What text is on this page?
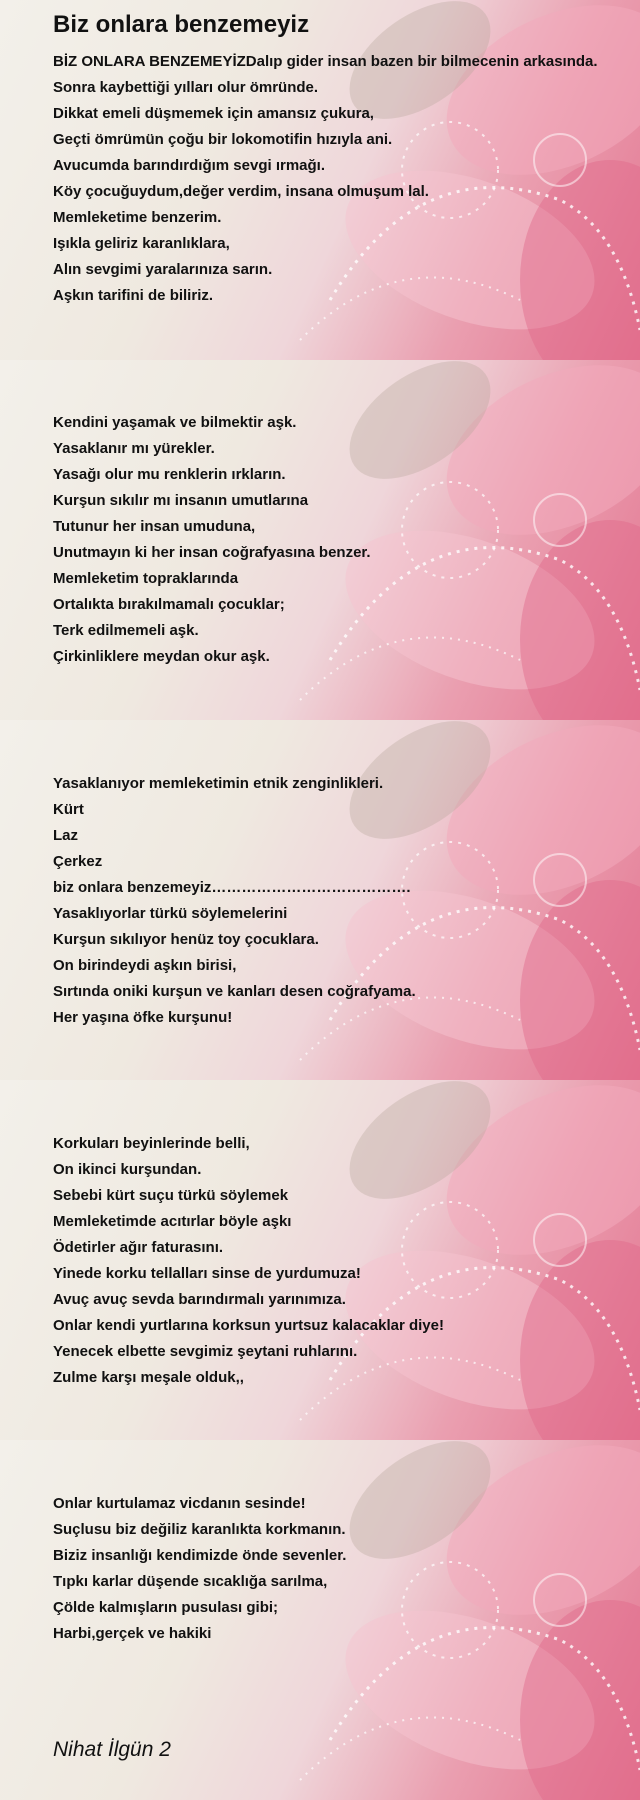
Biz onlara benzemeyiz
BİZ ONLARA BENZEMEYİZDalıp gider insan bazen bir bilmecenin arkasında.
Sonra kaybettiği yılları olur ömründe.
Dikkat emeli düşmemek için amansız çukura,
Geçti ömrümün çoğu bir lokomotifin hızıyla ani.
Avucumda barındırdığım sevgi ırmağı.
Köy çocuğuydum,değer verdim, insana olmuşum lal.
Memleketime benzerim.
Işıkla geliriz karanlıklara,
Alın sevgimi yaralarınıza sarın.
Aşkın tarifini de biliriz.
Kendini yaşamak ve bilmektir aşk.
Yasaklanır mı yürekler.
Yasağı olur mu renklerin ırkların.
Kurşun sıkılır mı insanın umutlarına
Tutunur her insan umuduna,
Unutmayın ki her insan coğrafyasına benzer.
Memleketim topraklarında
Ortalıkta bırakılmamalı çocuklar;
Terk edilmemeli aşk.
Çirkinliklere meydan okur aşk.
Yasaklanıyor memleketimin etnik zenginlikleri.
Kürt
Laz
Çerkez
biz onlara benzemeyiz………………………………….
Yasaklıyorlar türkü söylemelerini
Kurşun sıkılıyor henüz toy çocuklara.
On birindeydi aşkın birisi,
Sırtında oniki kurşun ve kanları desen coğrafyama.
Her yaşına öfke kurşunu!
Korkuları beyinlerinde belli,
On ikinci kurşundan.
Sebebi kürt suçu türkü söylemek
Memleketimde acıtırlar böyle aşkı
Ödetirler ağır faturasını.
Yinede korku tellalları sinse de yurdumuza!
Avuç avuç sevda barındırmalı yarınımıza.
Onlar kendi yurtlarına korksun yurtsuz kalacaklar diye!
Yenecek elbette sevgimiz şeytani ruhlarını.
Zulme karşı meşale olduk,,
Onlar kurtulamaz vicdanın sesinde!
Suçlusu biz değiliz karanlıkta korkmanın.
Biziz insanlığı kendimizde önde sevenler.
Tıpkı karlar düşende sıcaklığa sarılma,
Çölde kalmışların pusulası gibi;
Harbi,gerçek ve hakiki
Nihat İlgün 2
